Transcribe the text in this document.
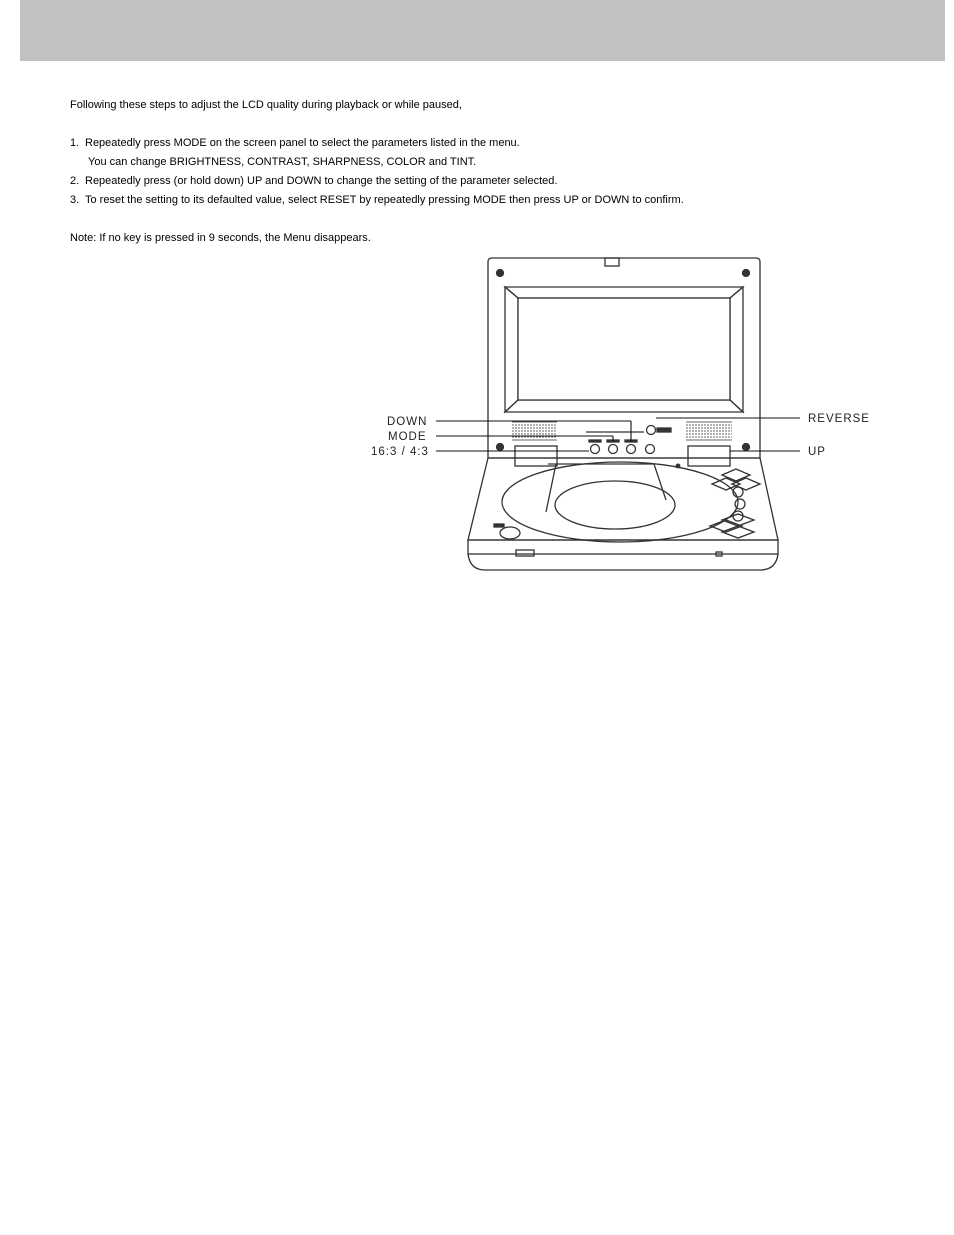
Following these steps to adjust the LCD quality during playback or while paused,

1. Repeatedly press MODE on the screen panel to select the parameters listed in the menu.

You can change BRIGHTNESS, CONTRAST, SHARPNESS, COLOR and TINT.

2. Repeatedly press (or hold down) UP and DOWN to change the setting of the parameter selected.

3. To reset the setting to its defaulted value, select RESET by repeatedly pressing MODE then press UP or DOWN to confirm.

Note: If no key is pressed in 9 seconds, the Menu disappears.

DOWN
MODE
16:3 / 4:3
REVERSE
UP
